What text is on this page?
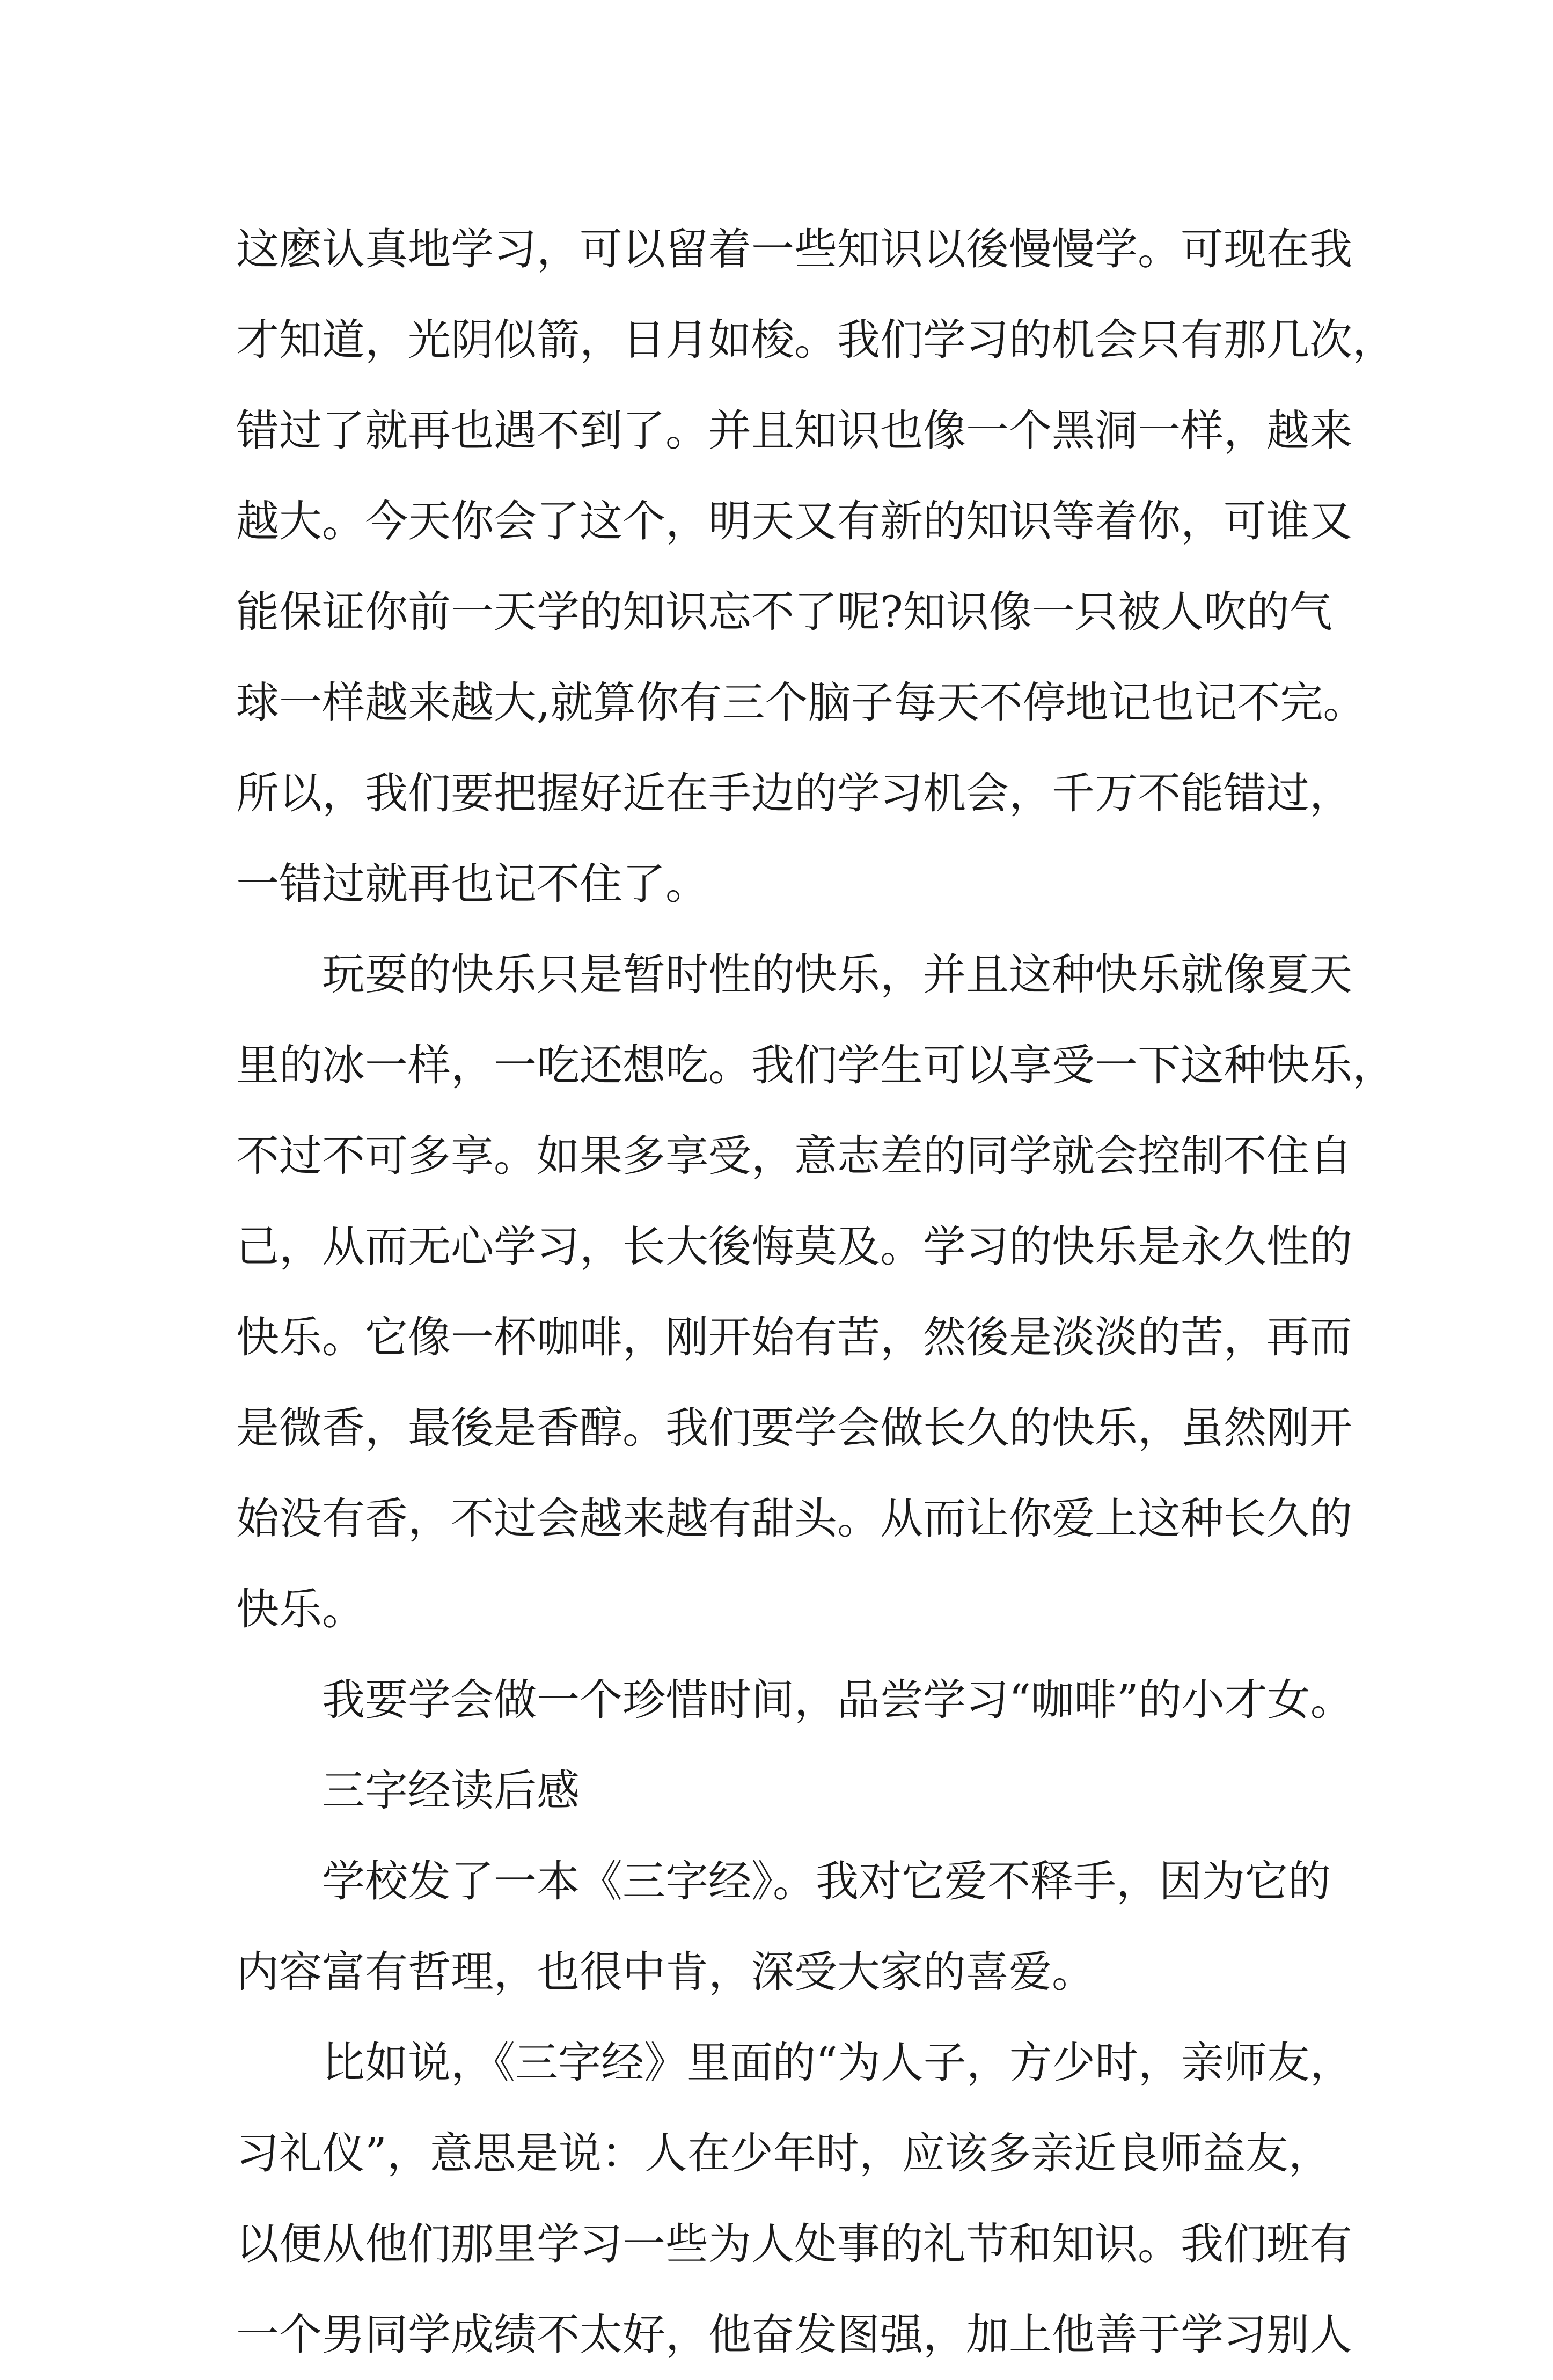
这麽认真地学习，可以留着一些知识以後慢慢学。可现在我
才知道，光阴似箭，日月如梭。我们学习的机会只有那几次，
错过了就再也遇不到了。并且知识也像一个黑洞一样，越来
越大。今天你会了这个，明天又有新的知识等着你，可谁又
能保证你前一天学的知识忘不了呢?知识像一只被人吹的气
球一样越来越大,就算你有三个脑子每天不停地记也记不完。
所以，我们要把握好近在手边的学习机会，千万不能错过，
一错过就再也记不住了。
玩耍的快乐只是暂时性的快乐，并且这种快乐就像夏天
里的冰一样，一吃还想吃。我们学生可以享受一下这种快乐，
不过不可多享。如果多享受，意志差的同学就会控制不住自
己，从而无心学习，长大後悔莫及。学习的快乐是永久性的
快乐。它像一杯咖啡，刚开始有苦，然後是淡淡的苦，再而
是微香，最後是香醇。我们要学会做长久的快乐，虽然刚开
始没有香，不过会越来越有甜头。从而让你爱上这种长久的
快乐。
我要学会做一个珍惜时间，品尝学习“咖啡”的小才女。
三字经读后感
学校发了一本《三字经》。我对它爱不释手，因为它的
内容富有哲理，也很中肯，深受大家的喜爱。
比如说，《三字经》里面的“为人子，方少时，亲师友，
习礼仪”，意思是说：人在少年时，应该多亲近良师益友，
以便从他们那里学习一些为人处事的礼节和知识。我们班有
一个男同学成绩不太好，他奋发图强，加上他善于学习别人
